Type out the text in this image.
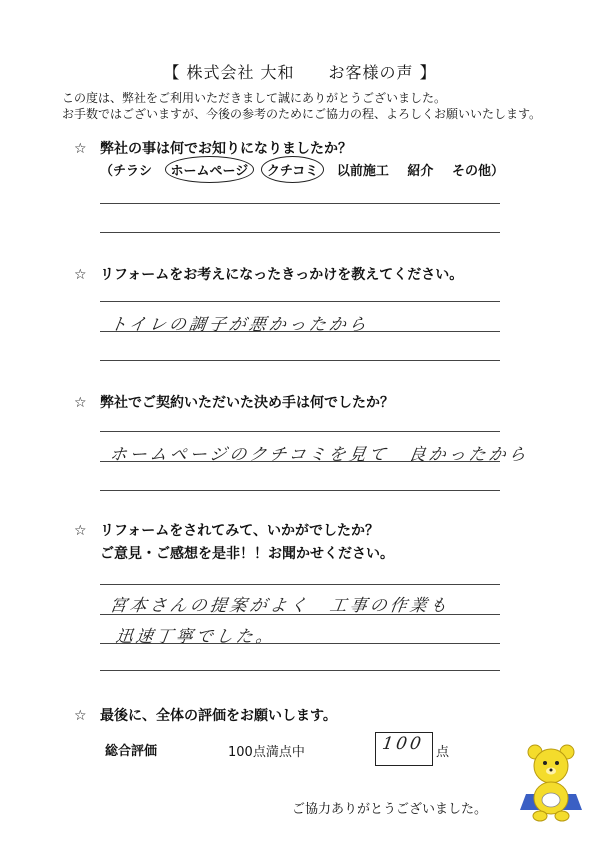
【 株式会社 大和　　お客様の声 】
この度は、弊社をご利用いただきまして誠にありがとうございました。
お手数ではございますが、今後の参考のためにご協力の程、よろしくお願いいたします。
☆ 弊社の事は何でお知りになりましたか？
（チラシ ホームページ クチコミ 以前施工 紹介 その他）
☆ リフォームをお考えになったきっかけを教えてください。
トイレの調子が悪かったから
☆ 弊社でご契約いただいた決め手は何でしたか？
ホームページのクチコミを見て　良かったから
☆ リフォームをされてみて、いかがでしたか？
ご意見・ご感想を是非！！お聞かせください。
宮本さんの提案がよく　工事の作業も
迅速丁寧でした。
☆ 最後に、全体の評価をお願いします。
総合評価	100点満点中	100 点
ご協力ありがとうございました。
